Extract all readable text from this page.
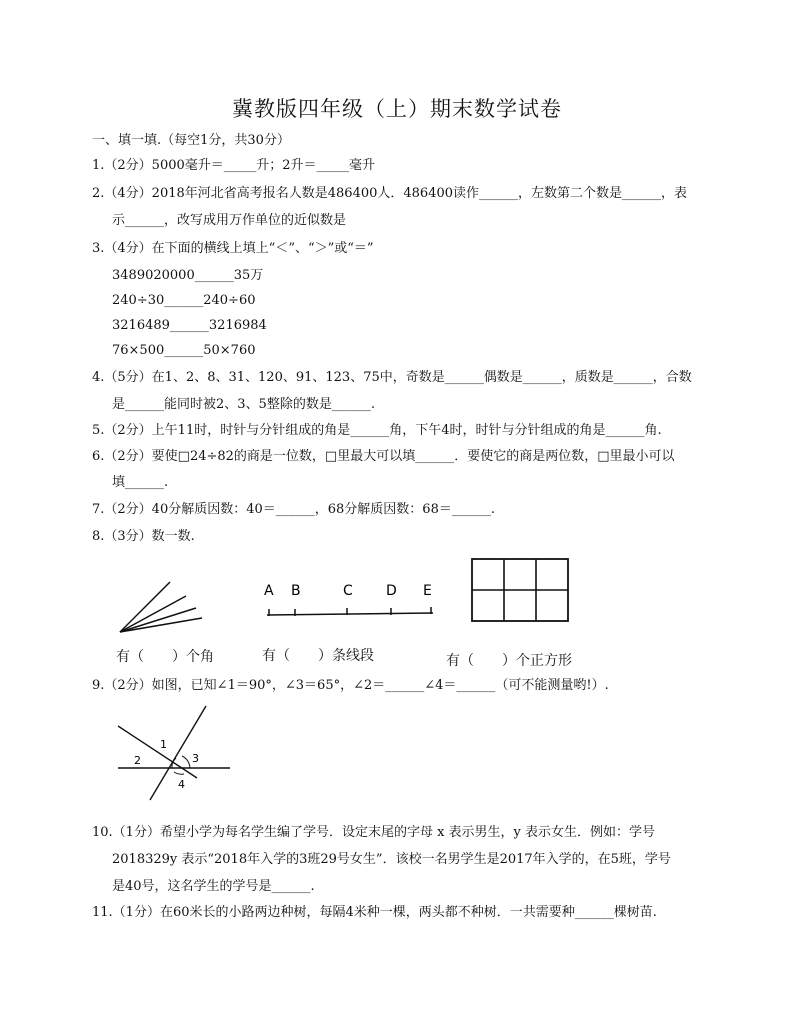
冀教版四年级（上）期末数学试卷
一、填一填.（每空1分，共30分）
1.（2分）5000毫升＝_____升；2升＝_____毫升
2.（4分）2018年河北省高考报名人数是486400人．486400读作______，左数第二个数是______，表
示______，改写成用万作单位的近似数是
3.（4分）在下面的横线上填上“＜”、“＞”或“＝”
3489020000______35万
240÷30______240÷60
3216489______3216984
76×500______50×760
4.（5分）在1、2、8、31、120、91、123、75中，奇数是______偶数是______，质数是______，合数
是______能同时被2、3、5整除的数是______.
5.（2分）上午11时，时针与分针组成的角是______角，下午4时，时针与分针组成的角是______角.
6.（2分）要使□24÷82的商是一位数，□里最大可以填______．要使它的商是两位数，□里最小可以
填______.
7.（2分）40分解质因数：40＝______，68分解质因数：68＝______.
8.（3分）数一数.
有（　　）个角
A B	C D E
有（　　）条线段	有（　　）个正方形
9.（2分）如图，已知∠1＝90°，∠3＝65°，∠2＝______∠4＝______（可不能测量哟!）.
1
2	3
4
10.（1分）希望小学为每名学生编了学号．设定末尾的字母 x 表示男生，y 表示女生．例如：学号
2018329y 表示“2018年入学的3班29号女生”．该校一名男学生是2017年入学的，在5班，学号
是40号，这名学生的学号是______.
11.（1分）在60米长的小路两边种树，每隔4米种一棵，两头都不种树．一共需要种______棵树苗.
